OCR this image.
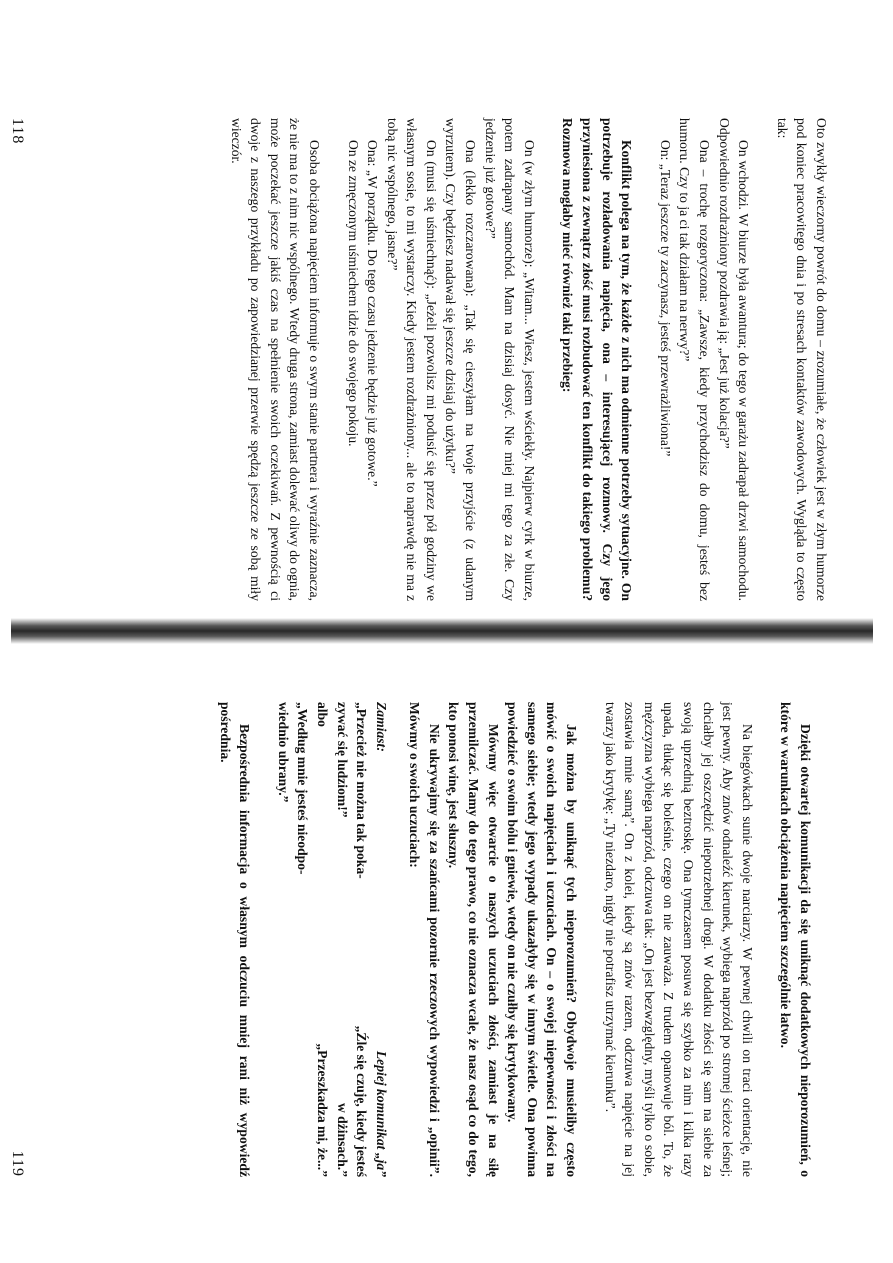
Oto zwykły wieczorny powrót do domu – zrozumiałe, że człowiek jest w złym humorze pod koniec pracowitego dnia i po stresach kontaktów zawodowych. Wygląda to często tak:

On wchodzi. W biurze była awantura; do tego w garażu zadrapał drzwi samochodu. Odpowiednio rozdrażniony pozdrawia ją: „Jest już kolacja?”

Ona – trochę rozgoryczona: „Zawsze, kiedy przychodzisz do domu, jesteś bez humoru. Czy to ja ci tak działam na nerwy?”

On: „Teraz jeszcze ty zaczynasz, jesteś przewrażliwiona!”

Konflikt polega na tym, że każde z nich ma odmienne potrzeby sytuacyjne. On potrzebuje rozładowania napięcia, ona – interesującej rozmowy. Czy jego przyniesiona z zewnątrz złość musi rozbudować ten konflikt do takiego problemu? Rozmowa mogłaby mieć również taki przebieg:

On (w złym humorze): „Witam... Wiesz, jestem wściekły. Najpierw cyrk w biurze, potem zadrapany samochód. Mam na dzisiaj dosyć. Nie miej mi tego za złe. Czy jedzenie już gotowe?”

Ona (lekko rozczarowana): „Tak się cieszyłam na twoje przyjście (z udanym wyrzutem). Czy będziesz nadawał się jeszcze dzisiaj do użytku?”

On (musi się uśmiechnąć): „Jeżeli pozwolisz mi podusić się przez pół godziny we własnym sosie, to mi wystarczy. Kiedy jestem rozdrażniony... ale to naprawdę nie ma z tobą nic wspólnego, jasne?”

Ona: „W porządku. Do tego czasu jedzenie będzie już gotowe.”

On ze zmęczonym uśmiechem idzie do swojego pokoju.

Osoba obciążona napięciem informuje o swym stanie partnera i wyraźnie zaznacza, że nie ma to z nim nic wspólnego. Wtedy druga strona, zamiast dolewać oliwy do ognia, może poczekać jeszcze jakiś czas na spełnienie swoich oczekiwań. Z pewnością ci dwoje z naszego przykładu po zapowiedzianej przerwie spędzą jeszcze ze sobą miły wieczór.

118

Dzięki otwartej komunikacji da się uniknąć dodatkowych nieporozumień, o które w warunkach obciążenia napięciem szczególnie łatwo.

Na biegówkach sunie dwoje narciarzy. W pewnej chwili on traci orientację, nie jest pewny. Aby znów odnaleźć kierunek, wybiega naprzód po stromej ścieżce leśnej; chciałby jej oszczędzić niepotrzebnej drogi. W dodatku złości się sam na siebie za swoją uprzednią beztroskę. Ona tymczasem posuwa się szybko za nim i kilka razy upada, tłukąc się boleśnie, czego on nie zauważa. Z trudem opanowuje ból. To, że mężczyzna wybiega naprzód, odczuwa tak: „On jest bezwzględny, myśli tylko o sobie, zostawia mnie samą”. On z kolei, kiedy są znów razem, odczuwa napięcie na jej twarzy jako krytykę: „Ty niezdaro, nigdy nie potrafisz utrzymać kierunku”.

Jak można by uniknąć tych nieporozumień? Obydwoje musieliby często mówić o swoich napięciach i uczuciach. On – o swojej niepewności i złości na samego siebie; wtedy jego wypady ukazałyby się w innym świetle. Ona powinna powiedzieć o swoim bólu i gniewie, wtedy on nie czułby się krytykowany.

Mówmy więc otwarcie o naszych uczuciach złości, zamiast je na siłę przemilczać. Mamy do tego prawo, co nie oznacza wcale, że nasz osąd co do tego, kto ponosi winę, jest słuszny.

Nie ukrywajmy się za szańcami pozornie rzeczowych wypowiedzi i „opinii”. Mówmy o swoich uczuciach:

Zamiast:

„Przecież nie można tak poka-

zywać się ludziom!”

albo

„Według mnie jesteś nieodpo-

wiednio ubrany.”

Lepiej komunikat „ja”

„Źle się czuję, kiedy jesteś

w dżinsach.”

„Przeszkadza mi, że...”

Bezpośrednia informacja o własnym odczuciu mniej rani niż wypowiedź pośrednia.

119
